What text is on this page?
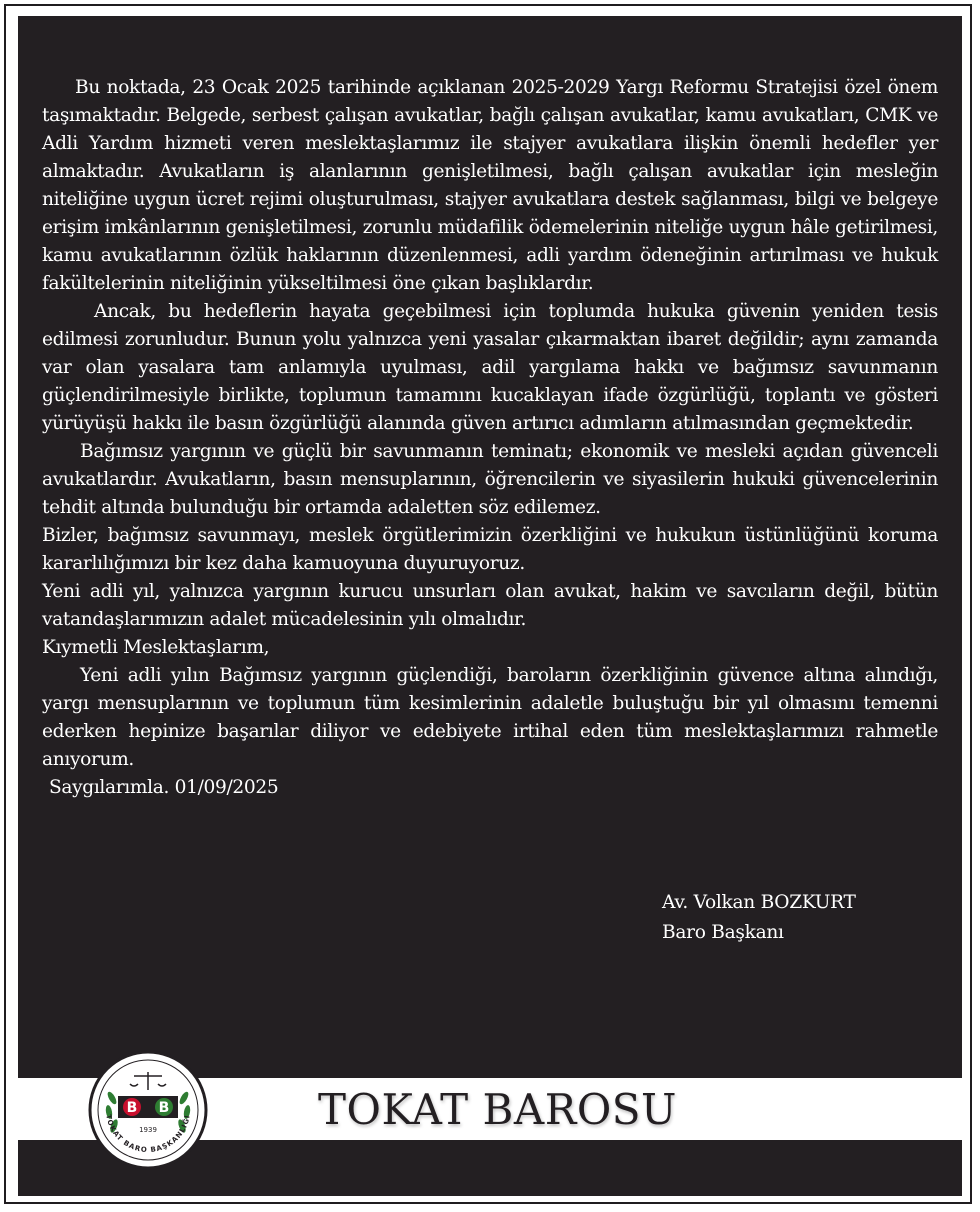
Bu noktada, 23 Ocak 2025 tarihinde açıklanan 2025-2029 Yargı Reformu Stratejisi özel önem taşımaktadır. Belgede, serbest çalışan avukatlar, bağlı çalışan avukatlar, kamu avukatları, CMK ve Adli Yardım hizmeti veren meslektaşlarımız ile stajyer avukatlara ilişkin önemli hedefler yer almaktadır. Avukatların iş alanlarının genişletilmesi, bağlı çalışan avukatlar için mesleğin niteliğine uygun ücret rejimi oluşturulması, stajyer avukatlara destek sağlanması, bilgi ve belgeye erişim imkânlarının genişletilmesi, zorunlu müdafilik ödemelerinin niteliğe uygun hâle getirilmesi, kamu avukatlarının özlük haklarının düzenlenmesi, adli yardım ödeneğinin artırılması ve hukuk fakültelerinin niteliğinin yükseltilmesi öne çıkan başlıklardır.

Ancak, bu hedeflerin hayata geçebilmesi için toplumda hukuka güvenin yeniden tesis edilmesi zorunludur. Bunun yolu yalnızca yeni yasalar çıkarmaktan ibaret değildir; aynı zamanda var olan yasalara tam anlamıyla uyulması, adil yargılama hakkı ve bağımsız savunmanın güçlendirilmesiyle birlikte, toplumun tamamını kucaklayan ifade özgürlüğü, toplantı ve gösteri yürüyüşü hakkı ile basın özgürlüğü alanında güven artırıcı adımların atılmasından geçmektedir.

Bağımsız yargının ve güçlü bir savunmanın teminatı; ekonomik ve mesleki açıdan güvenceli avukatlardır. Avukatların, basın mensuplarının, öğrencilerin ve siyasilerin hukuki güvencelerinin tehdit altında bulunduğu bir ortamda adaletten söz edilemez.

Bizler, bağımsız savunmayı, meslek örgütlerimizin özerkliğini ve hukukun üstünlüğünü koruma kararlılığımızı bir kez daha kamuoyuna duyuruyoruz.

Yeni adli yıl, yalnızca yargının kurucu unsurları olan avukat, hakim ve savcıların değil, bütün vatandaşlarımızın adalet mücadelesinin yılı olmalıdır.

Kıymetli Meslektaşlarım,

Yeni adli yılın Bağımsız yargının güçlendiği, baroların özerkliğinin güvence altına alındığı, yargı mensuplarının ve toplumun tüm kesimlerinin adaletle buluştuğu bir yıl olmasını temenni ederken hepinize başarılar diliyor ve edebiyete irtihal eden tüm meslektaşlarımızı rahmetle anıyorum.

Saygılarımla. 01/09/2025

Av. Volkan BOZKURT
Baro Başkanı
TOKAT BAROSU
B B
1939
TOKAT BARO BAŞKANLIĞI
